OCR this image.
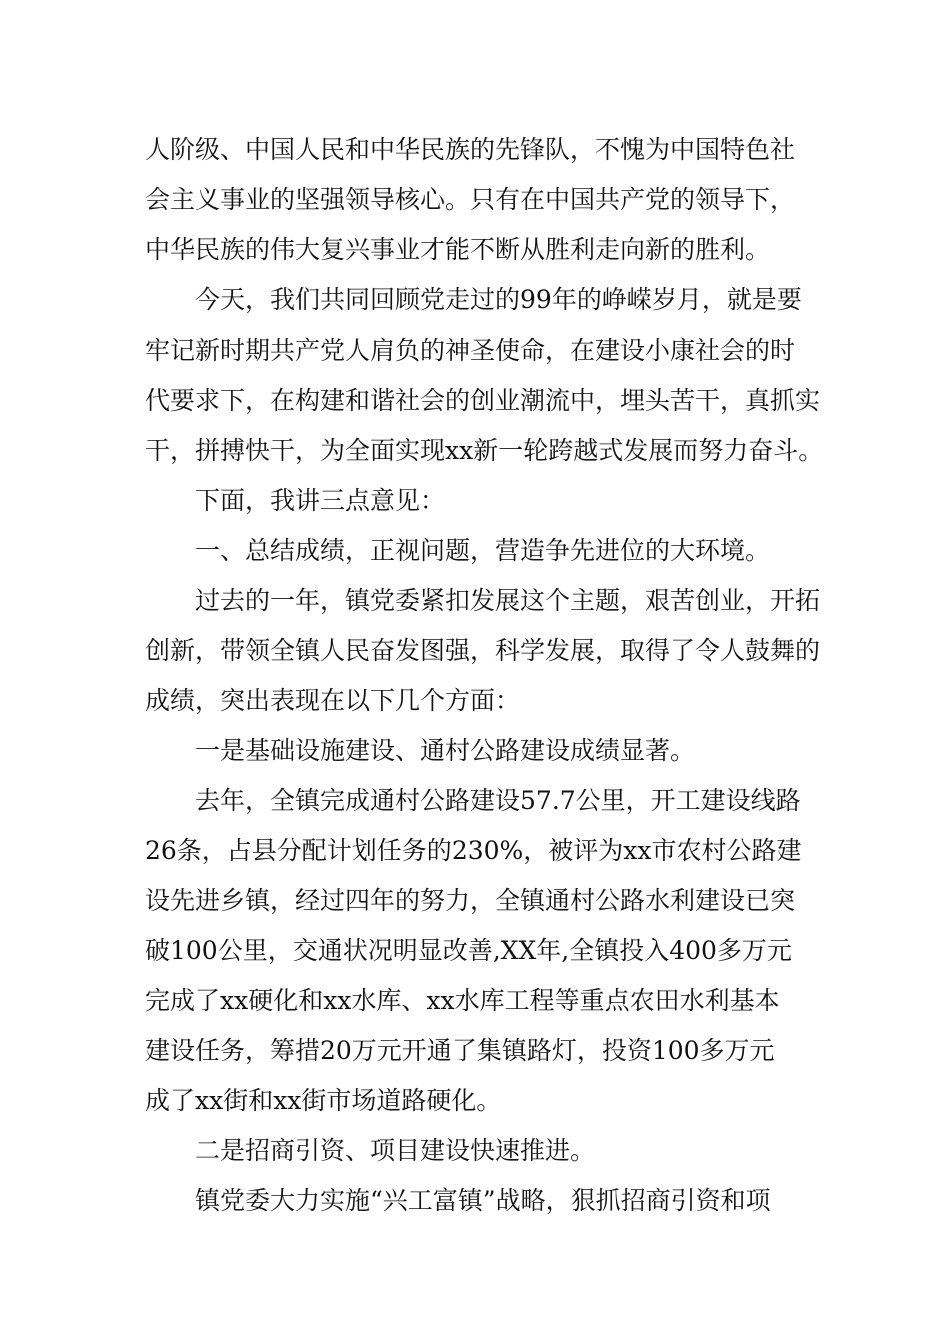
人阶级、中国人民和中华民族的先锋队，不愧为中国特色社
会主义事业的坚强领导核心。只有在中国共产党的领导下，
中华民族的伟大复兴事业才能不断从胜利走向新的胜利。
今天，我们共同回顾党走过的99年的峥嵘岁月，就是要
牢记新时期共产党人肩负的神圣使命，在建设小康社会的时
代要求下，在构建和谐社会的创业潮流中，埋头苦干，真抓实
干，拼搏快干，为全面实现xx新一轮跨越式发展而努力奋斗。
下面，我讲三点意见：
一、总结成绩，正视问题，营造争先进位的大环境。
过去的一年，镇党委紧扣发展这个主题，艰苦创业，开拓
创新，带领全镇人民奋发图强，科学发展，取得了令人鼓舞的
成绩，突出表现在以下几个方面：
一是基础设施建设、通村公路建设成绩显著。
去年，全镇完成通村公路建设57.7公里，开工建设线路
26条，占县分配计划任务的230%，被评为xx市农村公路建
设先进乡镇，经过四年的努力，全镇通村公路水利建设已突
破100公里，交通状况明显改善,XX年,全镇投入400多万元
完成了xx硬化和xx水库、xx水库工程等重点农田水利基本
建设任务，筹措20万元开通了集镇路灯，投资100多万元
成了xx街和xx街市场道路硬化。
二是招商引资、项目建设快速推进。
镇党委大力实施“兴工富镇”战略，狠抓招商引资和项
